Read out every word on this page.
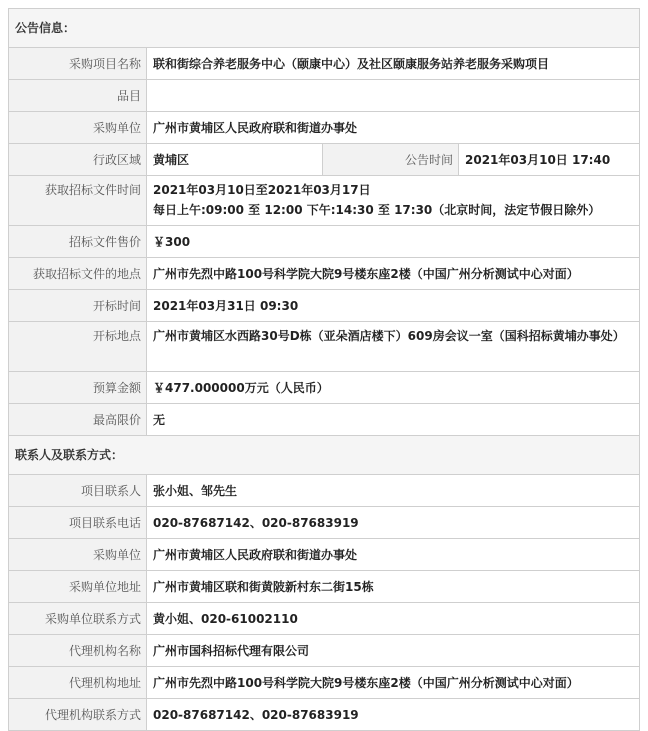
公告信息：			
采购项目名称	联和街综合养老服务中心（颐康中心）及社区颐康服务站养老服务采购项目		
品目			
采购单位	广州市黄埔区人民政府联和街道办事处		
行政区域	黄埔区	公告时间	2021年03月10日 17:40
获取招标文件时间	2021年03月10日至2021年03月17日
每日上午:09:00 至 12:00 下午:14:30 至 17:30（北京时间，法定节假日除外）		

招标文件售价	￥300		
获取招标文件的地点	广州市先烈中路100号科学院大院9号楼东座2楼（中国广州分析测试中心对面）		
开标时间	2021年03月31日 09:30		
开标地点	广州市黄埔区水西路30号D栋（亚朵酒店楼下）609房会议一室（国科招标黄埔办事处）		
预算金额	￥477.000000万元（人民币）		
最高限价	无		
联系人及联系方式：			
项目联系人	张小姐、邹先生		
项目联系电话	020-87687142、020-87683919		
采购单位	广州市黄埔区人民政府联和街道办事处		
采购单位地址	广州市黄埔区联和街黄陂新村东二街15栋		
采购单位联系方式	黄小姐、020-61002110		
代理机构名称	广州市国科招标代理有限公司		
代理机构地址	广州市先烈中路100号科学院大院9号楼东座2楼（中国广州分析测试中心对面）		
代理机构联系方式	020-87687142、020-87683919		
